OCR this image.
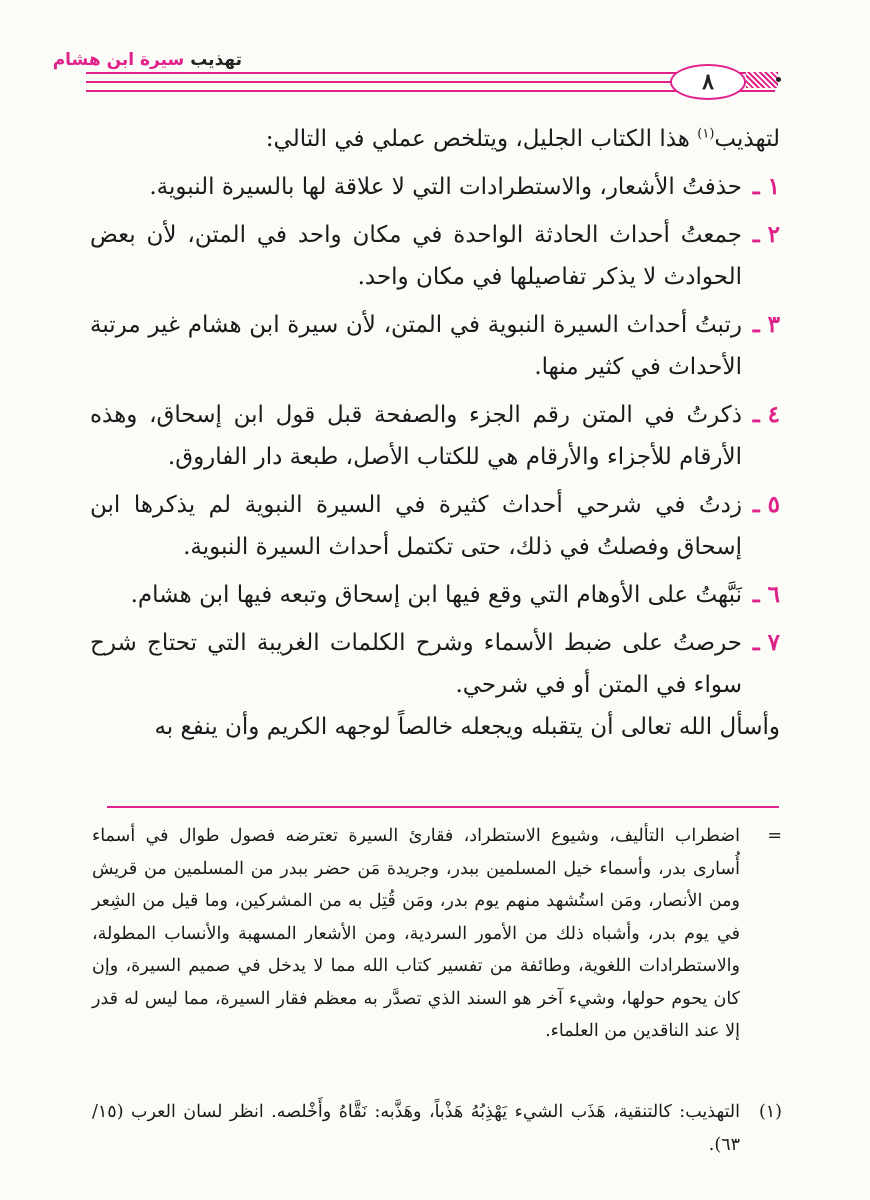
تهذيب سيرة ابن هشام
٨

لتهذيب$^{(١)}$ هذا الكتاب الجليل، ويتلخص عملي في التالي:

١ ـ
حذفتُ الأشعار، والاستطرادات التي لا علاقة لها بالسيرة النبوية.
٢ ـ
جمعتُ أحداث الحادثة الواحدة في مكان واحد في المتن، لأن بعض الحوادث لا يذكر تفاصيلها في مكان واحد.
٣ ـ
رتبتُ أحداث السيرة النبوية في المتن، لأن سيرة ابن هشام غير مرتبة الأحداث في كثير منها.
٤ ـ
ذكرتُ في المتن رقم الجزء والصفحة قبل قول ابن إسحاق، وهذه الأرقام للأجزاء والأرقام هي للكتاب الأصل، طبعة دار الفاروق.
٥ ـ
زدتُ في شرحي أحداث كثيرة في السيرة النبوية لم يذكرها ابن إسحاق وفصلتُ في ذلك، حتى تكتمل أحداث السيرة النبوية.
٦ ـ
نَبَّهتُ على الأوهام التي وقع فيها ابن إسحاق وتبعه فيها ابن هشام.
٧ ـ
حرصتُ على ضبط الأسماء وشرح الكلمات الغريبة التي تحتاج شرح سواء في المتن أو في شرحي.

وأسأل الله تعالى أن يتقبله ويجعله خالصاً لوجهه الكريم وأن ينفع به

=
اضطراب التأليف، وشيوع الاستطراد، فقارئ السيرة تعترضه فصول طوال في أسماء أُسارى بدر، وأسماء خيل المسلمين ببدر، وجريدة مَن حضر ببدر من المسلمين من قريش ومن الأنصار، ومَن استُشهد منهم يوم بدر، ومَن قُتِل به من المشركين، وما قيل من الشِعر في يوم بدر، وأشباه ذلك من الأمور السردية، ومن الأشعار المسهبة والأنساب المطولة، والاستطرادات اللغوية، وطائفة من تفسير كتاب الله مما لا يدخل في صميم السيرة، وإن كان يحوم حولها، وشيء آخر هو السند الذي تصدَّر به معظم فقار السيرة، مما ليس له قدر إلا عند الناقدين من العلماء.
(١)
التهذيب: كالتنقية، هَذَب الشيء يَهْذِبُهُ هَذْباً، وهَذَّبه: نَقَّاهُ وأَخْلصه. انظر لسان العرب (١٥/ ٦٣).
